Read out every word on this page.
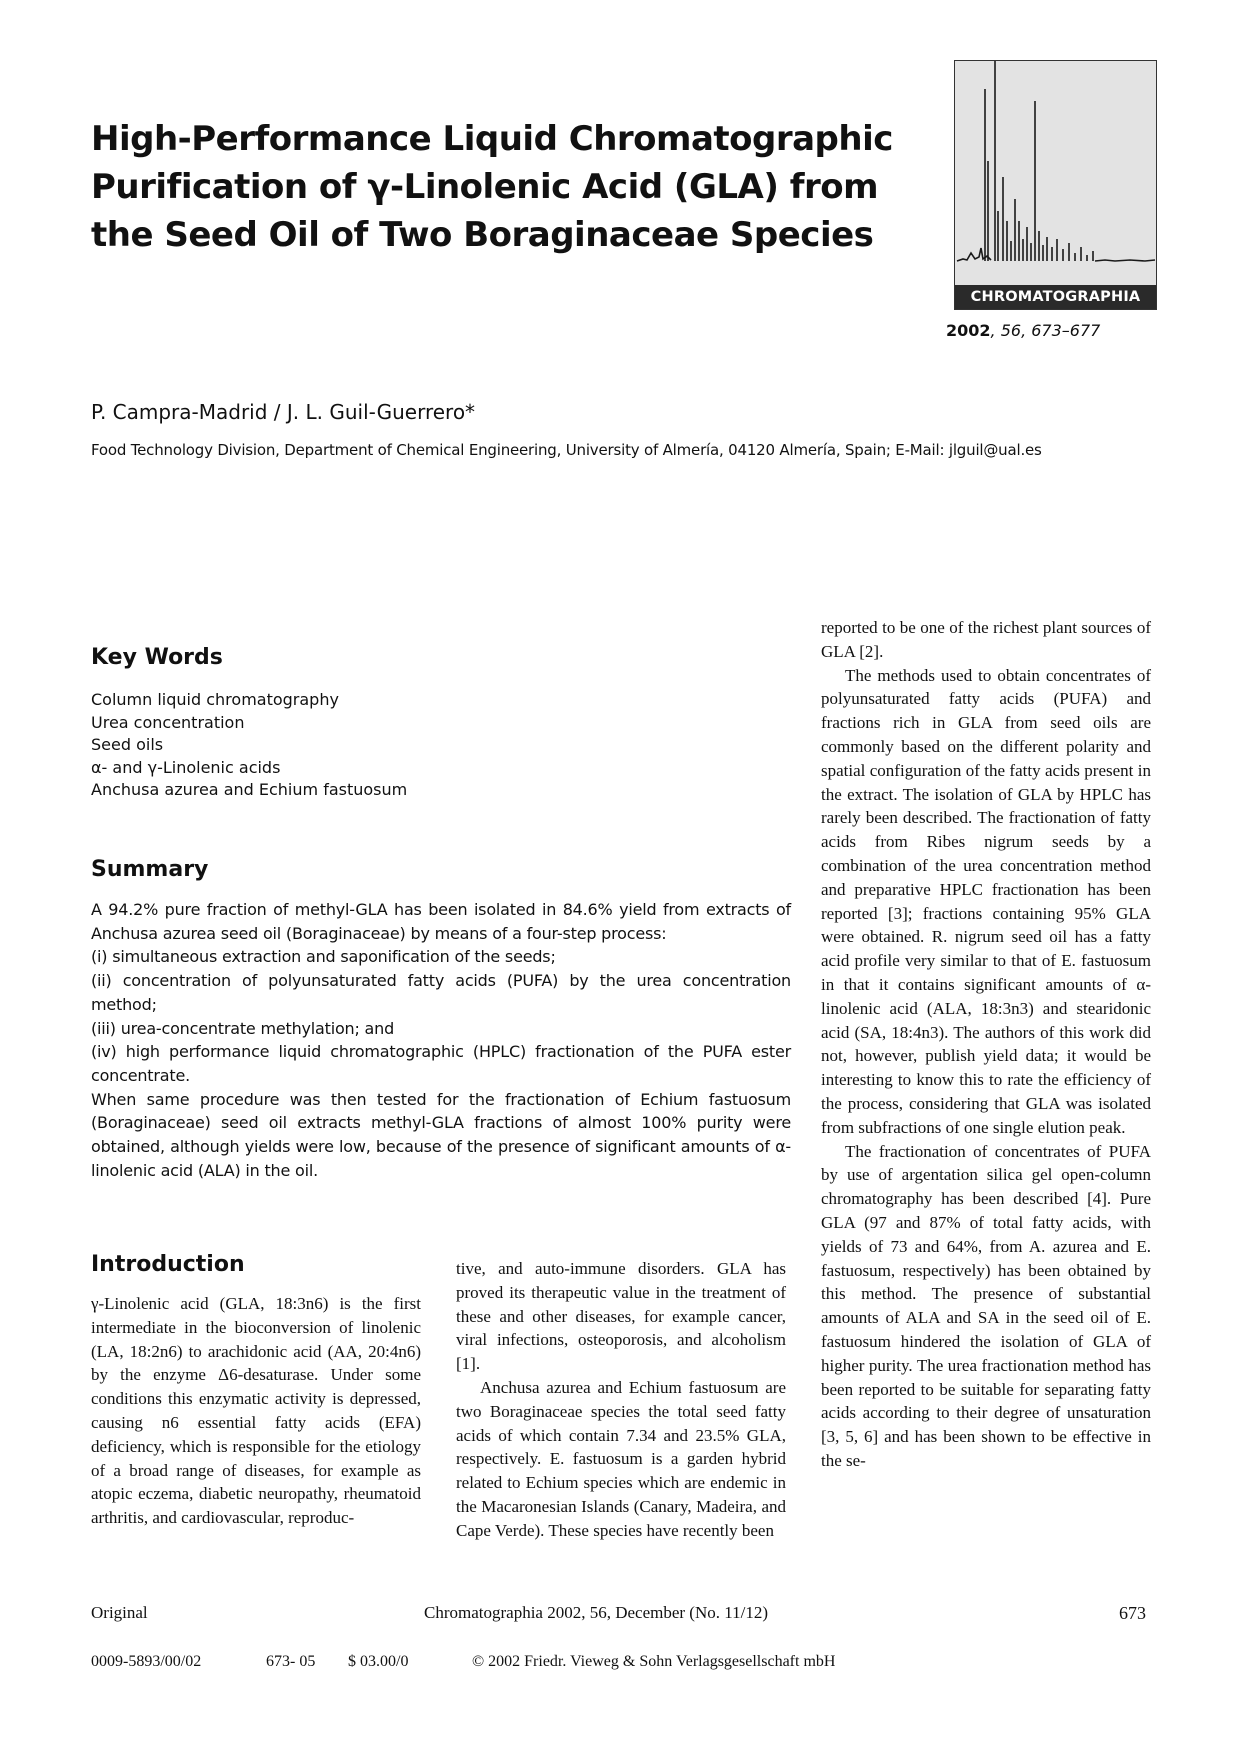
High-Performance Liquid Chromatographic Purification of γ-Linolenic Acid (GLA) from the Seed Oil of Two Boraginaceae Species
CHROMATOGRAPHIA
2002, 56, 673–677
P. Campra-Madrid / J. L. Guil-Guerrero*
Food Technology Division, Department of Chemical Engineering, University of Almería, 04120 Almería, Spain; E-Mail: jlguil@ual.es
Key Words
Column liquid chromatography
Urea concentration
Seed oils
α- and γ-Linolenic acids
Anchusa azurea and Echium fastuosum
Summary

A 94.2% pure fraction of methyl-GLA has been isolated in 84.6% yield from extracts of Anchusa azurea seed oil (Boraginaceae) by means of a four-step process:

(i) simultaneous extraction and saponification of the seeds;

(ii) concentration of polyunsaturated fatty acids (PUFA) by the urea concentration method;

(iii) urea-concentrate methylation; and

(iv) high performance liquid chromatographic (HPLC) fractionation of the PUFA ester concentrate.

When same procedure was then tested for the fractionation of Echium fastuosum (Boraginaceae) seed oil extracts methyl-GLA fractions of almost 100% purity were obtained, although yields were low, because of the presence of significant amounts of α-linolenic acid (ALA) in the oil.

Introduction

γ-Linolenic acid (GLA, 18:3n6) is the first intermediate in the bioconversion of linolenic (LA, 18:2n6) to arachidonic acid (AA, 20:4n6) by the enzyme Δ6-desaturase. Under some conditions this enzymatic activity is depressed, causing n6 essential fatty acids (EFA) deficiency, which is responsible for the etiology of a broad range of diseases, for example as atopic eczema, diabetic neuropathy, rheumatoid arthritis, and cardiovascular, reproduc-

tive, and auto-immune disorders. GLA has proved its therapeutic value in the treatment of these and other diseases, for example cancer, viral infections, osteoporosis, and alcoholism [1].

Anchusa azurea and Echium fastuosum are two Boraginaceae species the total seed fatty acids of which contain 7.34 and 23.5% GLA, respectively. E. fastuosum is a garden hybrid related to Echium species which are endemic in the Macaronesian Islands (Canary, Madeira, and Cape Verde). These species have recently been

reported to be one of the richest plant sources of GLA [2].

The methods used to obtain concentrates of polyunsaturated fatty acids (PUFA) and fractions rich in GLA from seed oils are commonly based on the different polarity and spatial configuration of the fatty acids present in the extract. The isolation of GLA by HPLC has rarely been described. The fractionation of fatty acids from Ribes nigrum seeds by a combination of the urea concentration method and preparative HPLC fractionation has been reported [3]; fractions containing 95% GLA were obtained. R. nigrum seed oil has a fatty acid profile very similar to that of E. fastuosum in that it contains significant amounts of α-linolenic acid (ALA, 18:3n3) and stearidonic acid (SA, 18:4n3). The authors of this work did not, however, publish yield data; it would be interesting to know this to rate the efficiency of the process, considering that GLA was isolated from subfractions of one single elution peak.

The fractionation of concentrates of PUFA by use of argentation silica gel open-column chromatography has been described [4]. Pure GLA (97 and 87% of total fatty acids, with yields of 73 and 64%, from A. azurea and E. fastuosum, respectively) has been obtained by this method. The presence of substantial amounts of ALA and SA in the seed oil of E. fastuosum hindered the isolation of GLA of higher purity. The urea fractionation method has been reported to be suitable for separating fatty acids according to their degree of unsaturation [3, 5, 6] and has been shown to be effective in the se-

Original	Chromatographia 2002, 56, December (No. 11/12)	673
0009-5893/00/02	673- 05 $ 03.00/0	© 2002 Friedr. Vieweg & Sohn Verlagsgesellschaft mbH
